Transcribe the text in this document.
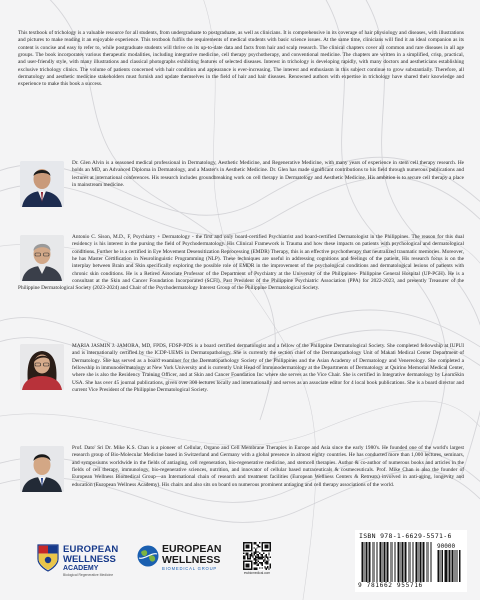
This textbook of trichology is a valuable resource for all students, from undergraduate to postgraduate, as well as clinicians. It is comprehensive in its coverage of hair physiology and diseases, with illustrations and pictures to make reading it an enjoyable experience. This textbook fulfils the requirements of medical students with basic science issues. At the same time, clinicians will find it an ideal companion as its content is concise and easy to refer to, while postgraduate students will thrive on its up-to-date data and facts from hair and scalp research. The clinical chapters cover all common and rare diseases in all age groups. The book incorporates various therapeutic modalities, including integrative medicine, cell therapy psychotherapy, and conventional medicine. The chapters are written in a simplified, crisp, practical, and user-friendly style, with many illustrations and classical photographs exhibiting features of selected diseases. Interest in trichology is developing rapidly, with many doctors and aestheticians establishing exclusive trichology clinics. The volume of patients concerned with hair condition and appearance is ever-increasing. The interest and enthusiasm in this subject continue to grow substantially. Therefore, all dermatology and aesthetic medicine stakeholders must furnish and update themselves in the field of hair and hair diseases. Renowned authors with expertise in trichology have shared their knowledge and experience to make this book a success.
Dr. Glen Alvin is a seasoned medical professional in Dermatology, Aesthetic Medicine, and Regenerative Medicine, with many years of experience in stem cell therapy research. He holds an MD, an Advanced Diploma in Dermatology, and a Master's in Aesthetic Medicine. Dr. Glen has made significant contributions to his field through numerous publications and lectures at international conferences. His research includes groundbreaking work on cell therapy in Dermatology and Aesthetic Medicine. His ambition is to secure cell therapy a place in mainstream medicine.
Antonio C. Sison, M.D., F, Psychiatry + Dermatology - the first and only board-certified Psychiatrist and board-certified Dermatologist in the Philippines. The reason for this dual residency is his interest in the pursing the field of Psychodermatology. His Clinical Framework is Trauma and how these impacts on patients with psychological and dermatological conditions. Further he is a certified in Eye Movement Desensitization Reprocessing (EMDR) Therapy, this is an effective psychotherapy that neutralized traumatic memories. Moreover, he has Master Certification in Neurolinguistic Programming (NLP). These techniques are useful in addressing cognitions and feelings of the patient. His research focus is on the interplay between Brain and Skin specifically exploring the possible role of EMDR in the improvement of the psychological conditions and dermatological lesions of patients with chronic skin conditions. He is a Retired Associate Professor of the Department of Psychiatry at the University of the Philippines- Philippine General Hospital (UP-PGH). He is a consultant at the Skin and Cancer Foundation Incorporated (SCFI). Past President of the Philippine Psychiatric Association (PPA) for 2022-2023, and presently Treasurer of the Philippine Dermatological Society (2023-2024) and Chair of the Psychodermatology Interest Group of the Philippine Dermatological Society.
MARIA JASMIN J. JAMORA, MD, FPDS, FDSP-PDS is a board certified dermatologist and a fellow of the Philippine Dermatological Society. She completed fellowship at IUPUI and is internationally certified by the ICDP-UEMS in Dermatopathology. She is currently the section chief of the Dermatopathology Unit of Makati Medical Center Department of Dermatology. She has served as a board examiner for the Dermatopathology Society of the Philippines and the Asian Academy of Dermatology and Venereology. She completed a fellowship in immunodermatology at New York University and is currently Unit Head of Immunodermatology at the Departments of Dermatology at Quirino Memorial Medical Center, where she is also the Residency Training Officer, and at Skin and Cancer Foundation Inc where she serves as the Vice Chair. She is certified in Integrative dermatology by LearnSkin USA. She has over 45 journal publications, given over 300 lectures locally and internationally and serves as an associate editor for 4 local book publications. She is a board director and current Vice President of the Philippine Dermatological Society.
Prof. Dato' Sri Dr. Mike K.S. Chan is a pioneer of Cellular, Organo and Cell Membrane Therapies in Europe and Asia since the early 1980's. He founded one of the world's largest research group of Bio-Molecular Medicine based in Switzerland and Germany with a global presence in almost eighty countries. He has conducted more than 1,000 lectures, seminars, and symposiums worldwide in the fields of antiaging, cell regeneration, bio-regenerative medicine, and stemcell therapies. Author & co-author of numerous books and articles in the fields of cell therapy, immunology, bio-regenerative sciences, nutrition, and innovator of cellular based nutraceuticals & cosmeceuticals. Prof. Mike Chan is also the founder of European Wellness Biomedical Group—an International chain of research and treatment facilities (European Wellness Centers & Retreats) involved in anti-aging, longevity and education (European Wellness Academy). His chairs and also sits on board on numerous prominent antiaging and cell therapy associations of the world.
EUROPEAN
WELLNESS
ACADEMY
Biological Regenerative Medicine
EUROPEAN
WELLNESS
BIOMEDICAL GROUP
ewbiomedical.com
ISBN 978-1-6629-5571-6
90000
9 781662 955716
